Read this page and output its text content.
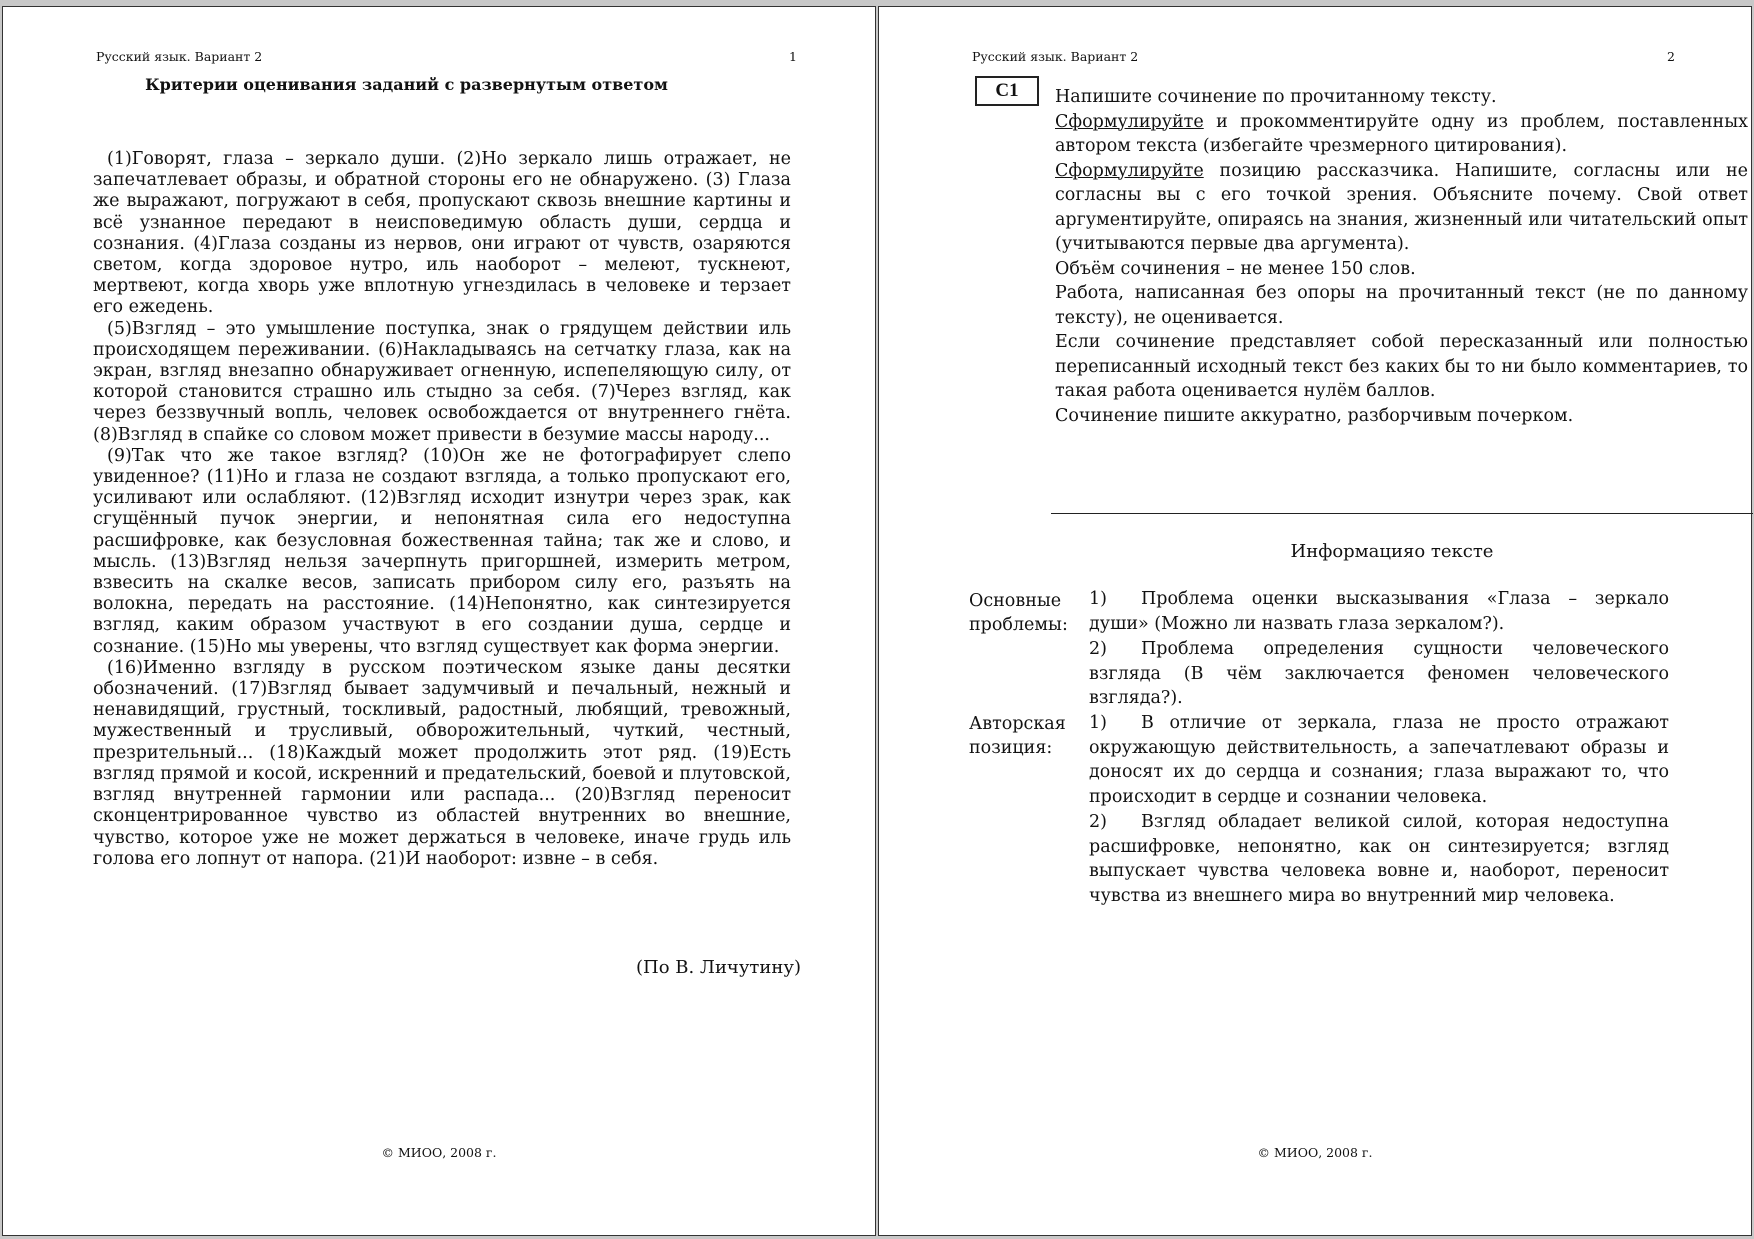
Русский язык. Вариант 2	1
Критерии оценивания заданий с развернутым ответом

(1)Говорят, глаза – зеркало души. (2)Но зеркало лишь отражает, не запечатлевает образы, и обратной стороны его не обнаружено. (3) Глаза же выражают, погружают в себя, пропускают сквозь внешние картины и всё узнанное передают в неисповедимую область души, сердца и сознания. (4)Глаза созданы из нервов, они играют от чувств, озаряются светом, когда здоровое нутро, иль наоборот – мелеют, тускнеют, мертвеют, когда хворь уже вплотную угнездилась в человеке и терзает его ежедень.

(5)Взгляд – это умышление поступка, знак о грядущем действии иль происходящем переживании. (6)Накладываясь на сетчатку глаза, как на экран, взгляд внезапно обнаруживает огненную, испепеляющую силу, от которой становится страшно иль стыдно за себя. (7)Через взгляд, как через беззвучный вопль, человек освобождается от внутреннего гнёта. (8)Взгляд в спайке со словом может привести в безумие массы народу...

(9)Так что же такое взгляд? (10)Он же не фотографирует слепо увиденное? (11)Но и глаза не создают взгляда, а только пропускают его, усиливают или ослабляют. (12)Взгляд исходит изнутри через зрак, как сгущённый пучок энергии, и непонятная сила его недоступна расшифровке, как безусловная божественная тайна; так же и слово, и мысль. (13)Взгляд нельзя зачерпнуть пригоршней, измерить метром, взвесить на скалке весов, записать прибором силу его, разъять на волокна, передать на расстояние. (14)Непонятно, как синтезируется взгляд, каким образом участвуют в его создании душа, сердце и сознание. (15)Но мы уверены, что взгляд существует как форма энергии.

(16)Именно взгляду в русском поэтическом языке даны десятки обозначений. (17)Взгляд бывает задумчивый и печальный, нежный и ненавидящий, грустный, тоскливый, радостный, любящий, тревожный, мужественный и трусливый, обворожительный, чуткий, честный, презрительный... (18)Каждый может продолжить этот ряд. (19)Есть взгляд прямой и косой, искренний и предательский, боевой и плутовской, взгляд внутренней гармонии или распада... (20)Взгляд переносит сконцентрированное чувство из областей внутренних во внешние, чувство, которое уже не может держаться в человеке, иначе грудь иль голова его лопнут от напора. (21)И наоборот: извне – в себя.

(По В. Личутину)
© МИОО, 2008 г.
Русский язык. Вариант 2	2
C1	Напишите сочинение по прочитанному тексту.

Сформулируйте и прокомментируйте одну из проблем, поставленных автором текста (избегайте чрезмерного цитирования).

Сформулируйте позицию рассказчика. Напишите, согласны или не согласны вы с его точкой зрения. Объясните почему. Свой ответ аргументируйте, опираясь на знания, жизненный или читательский опыт (учитываются первые два аргумента).

Объём сочинения – не менее 150 слов.

Работа, написанная без опоры на прочитанный текст (не по данному тексту), не оценивается.

Если сочинение представляет собой пересказанный или полностью переписанный исходный текст без каких бы то ни было комментариев, то такая работа оценивается нулём баллов.

Сочинение пишите аккуратно, разборчивым почерком.

Информацияо тексте
Основные
проблемы:
1) Проблема оценки высказывания «Глаза – зеркало души» (Можно ли назвать глаза зеркалом?).
2) Проблема определения сущности человеческого взгляда (В чём заключается феномен человеческого взгляда?).
Авторская
позиция:
1) В отличие от зеркала, глаза не просто отражают окружающую действительность, а запечатлевают образы и доносят их до сердца и сознания; глаза выражают то, что происходит в сердце и сознании человека.
2) Взгляд обладает великой силой, которая недоступна расшифровке, непонятно, как он синтезируется; взгляд выпускает чувства человека вовне и, наоборот, переносит чувства из внешнего мира во внутренний мир человека.
© МИОО, 2008 г.
